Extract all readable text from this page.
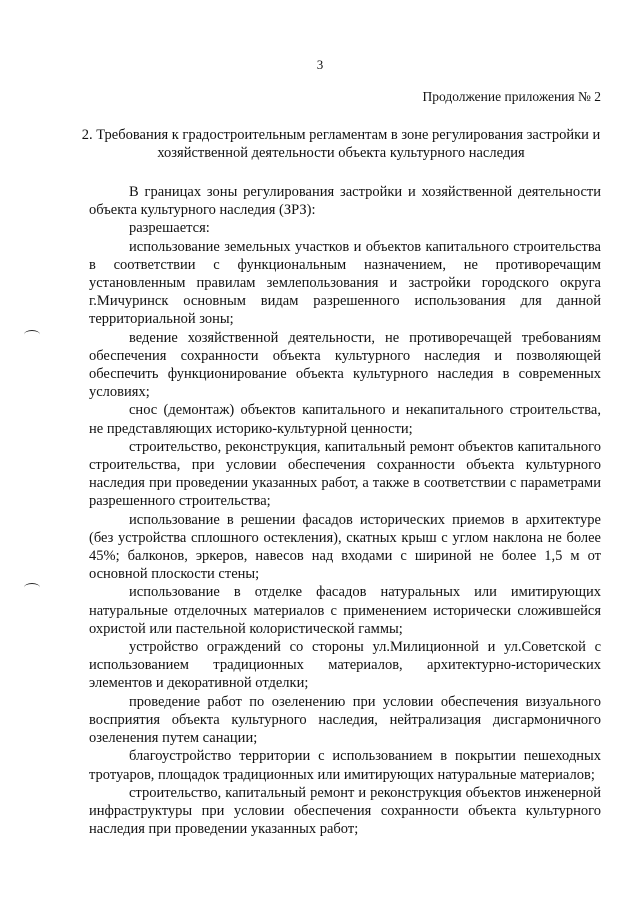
3
Продолжение приложения № 2
2. Требования к градостроительным регламентам в зоне регулирования застройки и хозяйственной деятельности объекта культурного наследия

В границах зоны регулирования застройки и хозяйственной деятельности объекта культурного наследия (ЗРЗ):

разрешается:

использование земельных участков и объектов капитального строительства в соответствии с функциональным назначением, не противоречащим установленным правилам землепользования и застройки городского округа г.Мичуринск основным видам разрешенного использования для данной территориальной зоны;

ведение хозяйственной деятельности, не противоречащей требованиям обеспечения сохранности объекта культурного наследия и позволяющей обеспечить функционирование объекта культурного наследия в современных условиях;

снос (демонтаж) объектов капитального и некапитального строительства, не представляющих историко-культурной ценности;

строительство, реконструкция, капитальный ремонт объектов капитального строительства, при условии обеспечения сохранности объекта культурного наследия при проведении указанных работ, а также в соответствии с параметрами разрешенного строительства;

использование в решении фасадов исторических приемов в архитектуре (без устройства сплошного остекления), скатных крыш с углом наклона не более 45%; балконов, эркеров, навесов над входами с шириной не более 1,5 м от основной плоскости стены;

использование в отделке фасадов натуральных или имитирующих натуральные отделочных материалов с применением исторически сложившейся охристой или пастельной колористической гаммы;

устройство ограждений со стороны ул.Милиционной и ул.Советской с использованием традиционных материалов, архитектурно-исторических элементов и декоративной отделки;

проведение работ по озеленению при условии обеспечения визуального восприятия объекта культурного наследия, нейтрализация дисгармоничного озеленения путем санации;

благоустройство территории с использованием в покрытии пешеходных тротуаров, площадок традиционных или имитирующих натуральные материалов;

строительство, капитальный ремонт и реконструкция объектов инженерной инфраструктуры при условии обеспечения сохранности объекта культурного наследия при проведении указанных работ;
